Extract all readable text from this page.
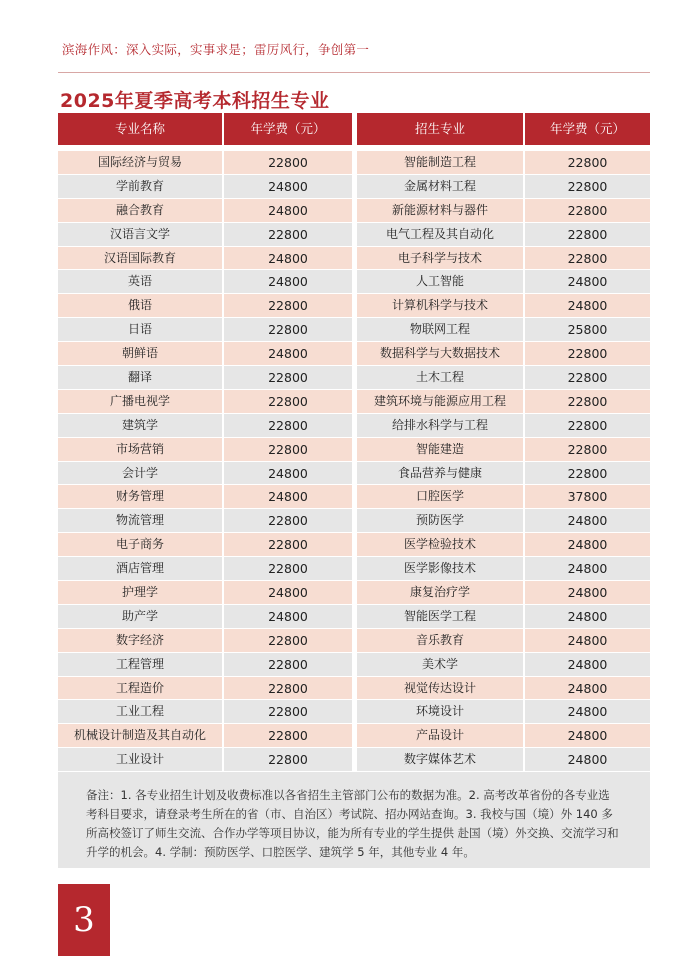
滨海作风：深入实际，实事求是；雷厉风行，争创第一
2025年夏季高考本科招生专业
专业名称	年学费（元）	招生专业	年学费（元）
国际经济与贸易	22800	智能制造工程	22800
学前教育	24800	金属材料工程	22800
融合教育	24800	新能源材料与器件	22800
汉语言文学	22800	电气工程及其自动化	22800
汉语国际教育	24800	电子科学与技术	22800
英语	24800	人工智能	24800
俄语	22800	计算机科学与技术	24800
日语	22800	物联网工程	25800
朝鲜语	24800	数据科学与大数据技术	22800
翻译	22800	土木工程	22800
广播电视学	22800	建筑环境与能源应用工程	22800
建筑学	22800	给排水科学与工程	22800
市场营销	22800	智能建造	22800
会计学	24800	食品营养与健康	22800
财务管理	24800	口腔医学	37800
物流管理	22800	预防医学	24800
电子商务	22800	医学检验技术	24800
酒店管理	22800	医学影像技术	24800
护理学	24800	康复治疗学	24800
助产学	24800	智能医学工程	24800
数字经济	22800	音乐教育	24800
工程管理	22800	美术学	24800
工程造价	22800	视觉传达设计	24800
工业工程	22800	环境设计	24800
机械设计制造及其自动化	22800	产品设计	24800
工业设计	22800	数字媒体艺术	24800
备注：1. 各专业招生计划及收费标准以各省招生主管部门公布的数据为准。2. 高考改革省份的各专业选考科目要求，请登录考生所在的省（市、自治区）考试院、招办网站查询。3. 我校与国（境）外 140 多所高校签订了师生交流、合作办学等项目协议，能为所有专业的学生提供 赴国（境）外交换、交流学习和升学的机会。4. 学制：预防医学、口腔医学、建筑学 5 年，其他专业 4 年。
3
